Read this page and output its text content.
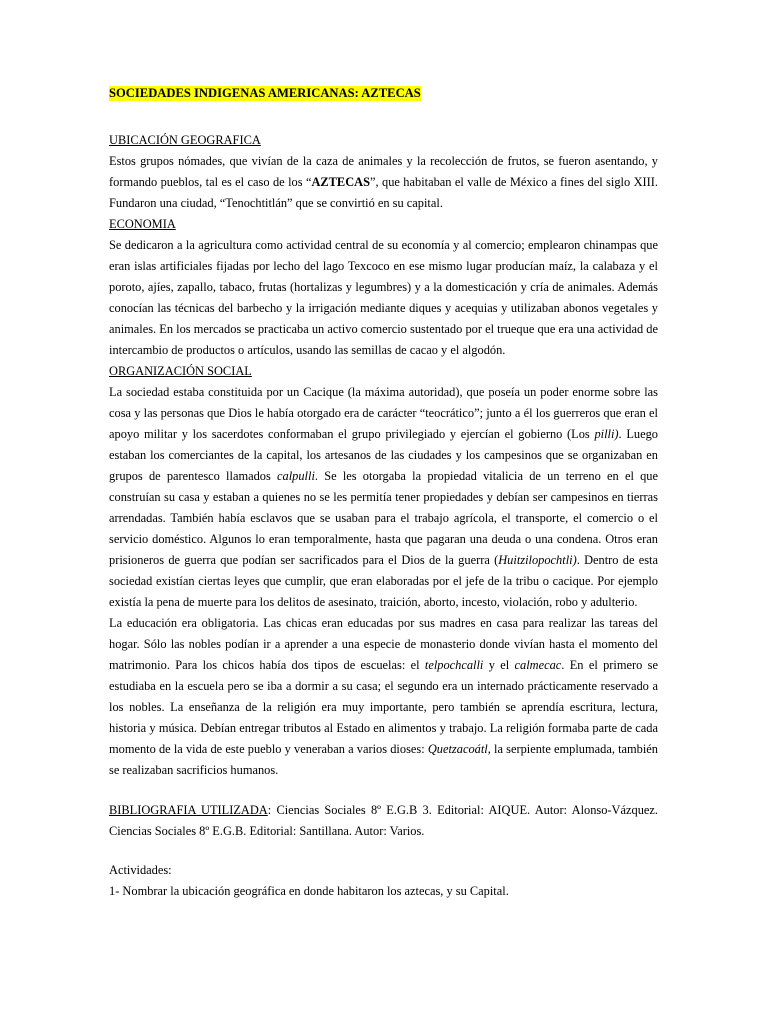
SOCIEDADES INDIGENAS AMERICANAS: AZTECAS
UBICACIÓN GEOGRAFICA

Estos grupos nómades, que vivían de la caza de animales y la recolección de frutos, se fueron asentando, y formando pueblos, tal es el caso de los “AZTECAS”, que habitaban el valle de México a fines del siglo XIII. Fundaron una ciudad, “Tenochtitlán” que se convirtió en su capital.

ECONOMIA

Se dedicaron a la agricultura como actividad central de su economía y al comercio; emplearon chinampas que eran islas artificiales fijadas por lecho del lago Texcoco en ese mismo lugar producían maíz, la calabaza y el poroto, ajíes, zapallo, tabaco, frutas (hortalizas y legumbres) y a la domesticación y cría de animales. Además conocían las técnicas del barbecho y la irrigación mediante diques y acequias y utilizaban abonos vegetales y animales. En los mercados se practicaba un activo comercio sustentado por el trueque que era una actividad de intercambio de productos o artículos, usando las semillas de cacao y el algodón.

ORGANIZACIÓN SOCIAL

La sociedad estaba constituida por un Cacique (la máxima autoridad), que poseía un poder enorme sobre las cosa y las personas que Dios le había otorgado era de carácter “teocrático”; junto a él los guerreros que eran el apoyo militar y los sacerdotes conformaban el grupo privilegiado y ejercían el gobierno (Los pilli). Luego estaban los comerciantes de la capital, los artesanos de las ciudades y los campesinos que se organizaban en grupos de parentesco llamados calpulli. Se les otorgaba la propiedad vitalicia de un terreno en el que construían su casa y estaban a quienes no se les permitía tener propiedades y debían ser campesinos en tierras arrendadas. También había esclavos que se usaban para el trabajo agrícola, el transporte, el comercio o el servicio doméstico. Algunos lo eran temporalmente, hasta que pagaran una deuda o una condena. Otros eran prisioneros de guerra que podían ser sacrificados para el Dios de la guerra (Huitzilopochtli). Dentro de esta sociedad existían ciertas leyes que cumplir, que eran elaboradas por el jefe de la tribu o cacique. Por ejemplo existía la pena de muerte para los delitos de asesinato, traición, aborto, incesto, violación, robo y adulterio.

La educación era obligatoria. Las chicas eran educadas por sus madres en casa para realizar las tareas del hogar. Sólo las nobles podían ir a aprender a una especie de monasterio donde vivían hasta el momento del matrimonio. Para los chicos había dos tipos de escuelas: el telpochcalli y el calmecac. En el primero se estudiaba en la escuela pero se iba a dormir a su casa; el segundo era un internado prácticamente reservado a los nobles. La enseñanza de la religión era muy importante, pero también se aprendía escritura, lectura, historia y música. Debían entregar tributos al Estado en alimentos y trabajo. La religión formaba parte de cada momento de la vida de este pueblo y veneraban a varios dioses: Quetzacoátl, la serpiente emplumada, también se realizaban sacrificios humanos.

BIBLIOGRAFIA UTILIZADA: Ciencias Sociales 8º E.G.B 3. Editorial: AIQUE. Autor: Alonso-Vázquez. Ciencias Sociales 8º E.G.B. Editorial: Santillana. Autor: Varios.

Actividades:
1- Nombrar la ubicación geográfica en donde habitaron los aztecas, y su Capital.
